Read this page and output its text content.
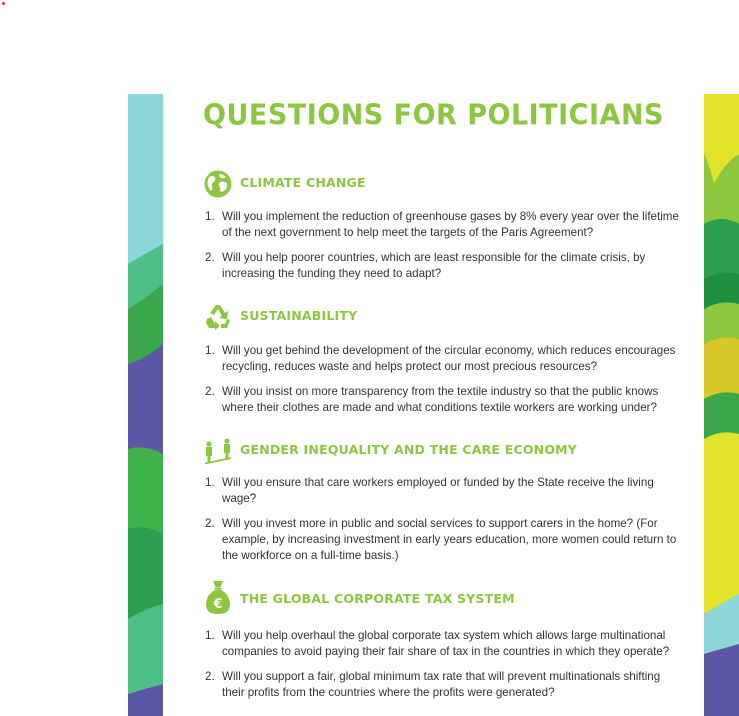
QUESTIONS FOR POLITICIANS
CLIMATE CHANGE
1. Will you implement the reduction of greenhouse gases by 8% every year over the lifetime of the next government to help meet the targets of the Paris Agreement?
2. Will you help poorer countries, which are least responsible for the climate crisis, by increasing the funding they need to adapt?
SUSTAINABILITY
1. Will you get behind the development of the circular economy, which reduces encourages recycling, reduces waste and helps protect our most precious resources?
2. Will you insist on more transparency from the textile industry so that the public knows where their clothes are made and what conditions textile workers are working under?
GENDER INEQUALITY AND THE CARE ECONOMY
1. Will you ensure that care workers employed or funded by the State receive the living wage?
2. Will you invest more in public and social services to support carers in the home? (For example, by increasing investment in early years education, more women could return to the workforce on a full-time basis.)
€ THE GLOBAL CORPORATE TAX SYSTEM
1. Will you help overhaul the global corporate tax system which allows large multinational companies to avoid paying their fair share of tax in the countries in which they operate?
2. Will you support a fair, global minimum tax rate that will prevent multinationals shifting their profits from the countries where the profits were generated?
